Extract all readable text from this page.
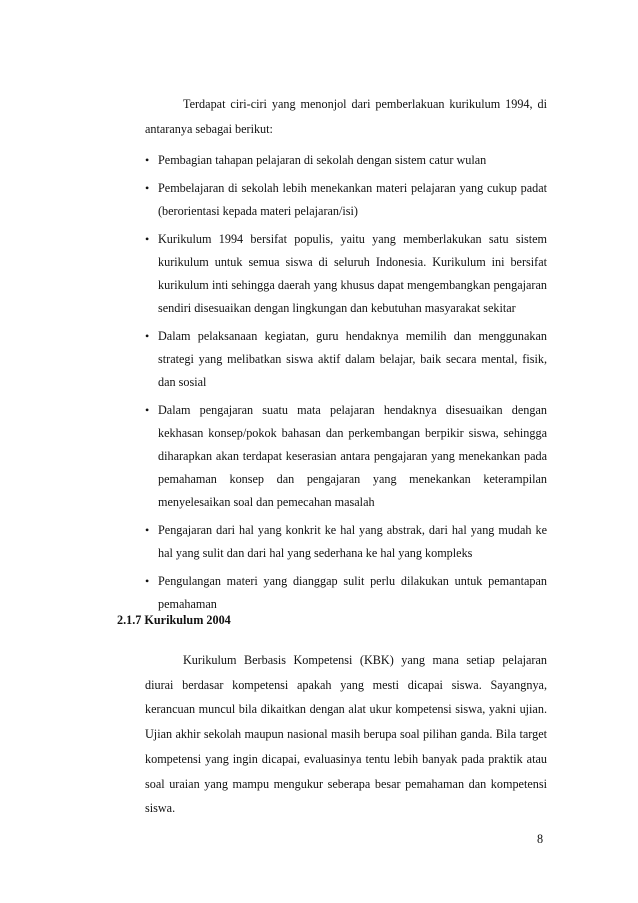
Terdapat ciri-ciri yang menonjol dari pemberlakuan kurikulum 1994, di antaranya sebagai berikut:

• Pembagian tahapan pelajaran di sekolah dengan sistem catur wulan
• Pembelajaran di sekolah lebih menekankan materi pelajaran yang cukup padat (berorientasi kepada materi pelajaran/isi)
• Kurikulum 1994 bersifat populis, yaitu yang memberlakukan satu sistem kurikulum untuk semua siswa di seluruh Indonesia. Kurikulum ini bersifat kurikulum inti sehingga daerah yang khusus dapat mengembangkan pengajaran sendiri disesuaikan dengan lingkungan dan kebutuhan masyarakat sekitar
• Dalam pelaksanaan kegiatan, guru hendaknya memilih dan menggunakan strategi yang melibatkan siswa aktif dalam belajar, baik secara mental, fisik, dan sosial
• Dalam pengajaran suatu mata pelajaran hendaknya disesuaikan dengan kekhasan konsep/pokok bahasan dan perkembangan berpikir siswa, sehingga diharapkan akan terdapat keserasian antara pengajaran yang menekankan pada pemahaman konsep dan pengajaran yang menekankan keterampilan menyelesaikan soal dan pemecahan masalah
• Pengajaran dari hal yang konkrit ke hal yang abstrak, dari hal yang mudah ke hal yang sulit dan dari hal yang sederhana ke hal yang kompleks
• Pengulangan materi yang dianggap sulit perlu dilakukan untuk pemantapan pemahaman
2.1.7 Kurikulum 2004

Kurikulum Berbasis Kompetensi (KBK) yang mana setiap pelajaran diurai berdasar kompetensi apakah yang mesti dicapai siswa. Sayangnya, kerancuan muncul bila dikaitkan dengan alat ukur kompetensi siswa, yakni ujian. Ujian akhir sekolah maupun nasional masih berupa soal pilihan ganda. Bila target kompetensi yang ingin dicapai, evaluasinya tentu lebih banyak pada praktik atau soal uraian yang mampu mengukur seberapa besar pemahaman dan kompetensi siswa.

8
